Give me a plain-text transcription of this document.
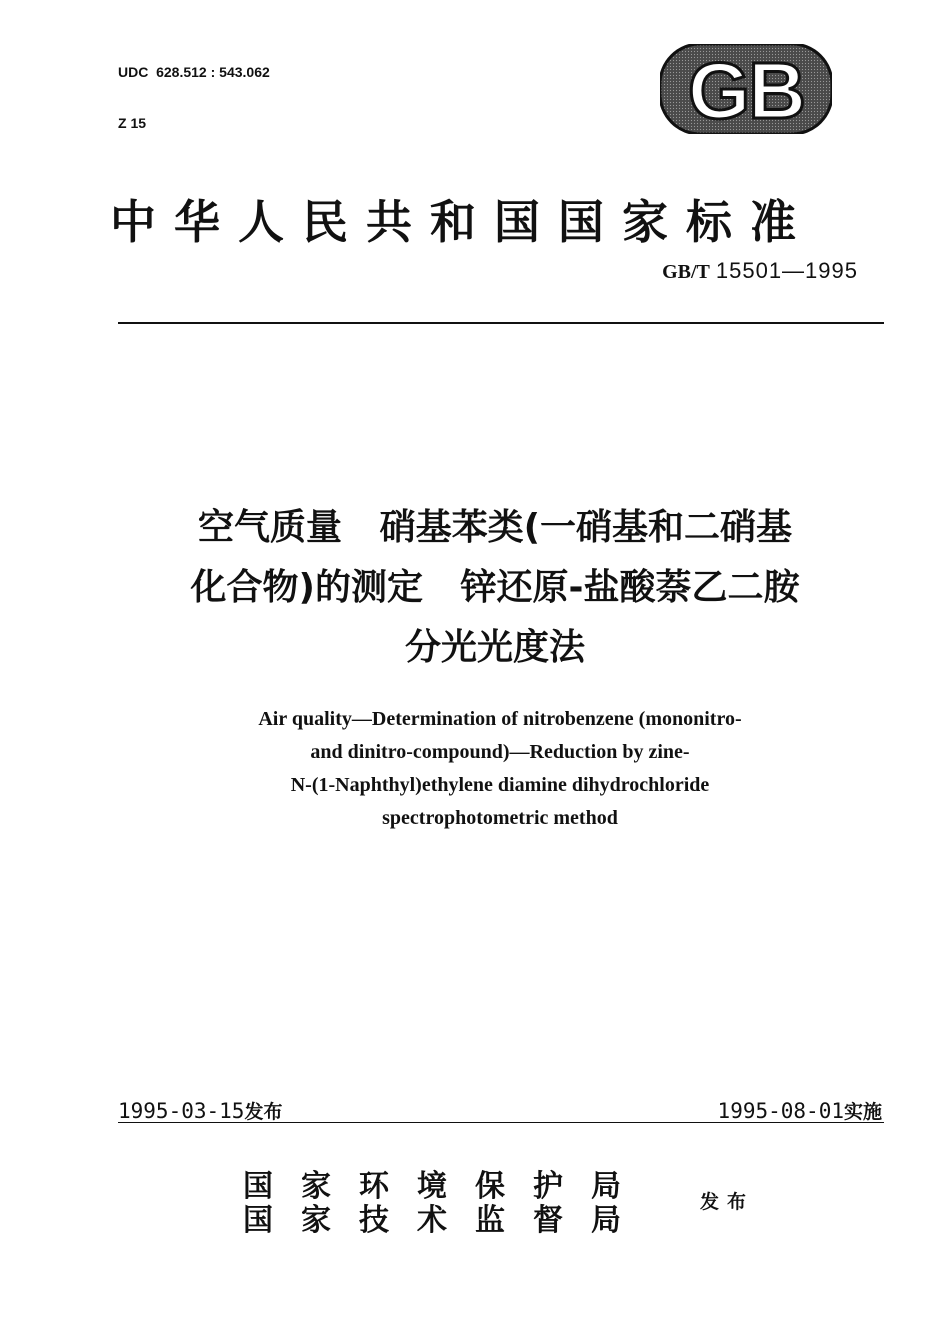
UDC  628.512 : 543.062

Z 15	GB
中华人民共和国国家标准
GB/T 15501—1995
空气质量   硝基苯类(一硝基和二硝基
化合物)的测定   锌还原-盐酸萘乙二胺
分光光度法
Air quality—Determination of nitrobenzene (mononitro-
and dinitro-compound)—Reduction by zine-
N-(1-Naphthyl)ethylene diamine dihydrochloride
spectrophotometric method
1995-03-15发布	1995-08-01实施
国家环境保护局
国家技术监督局
发布
